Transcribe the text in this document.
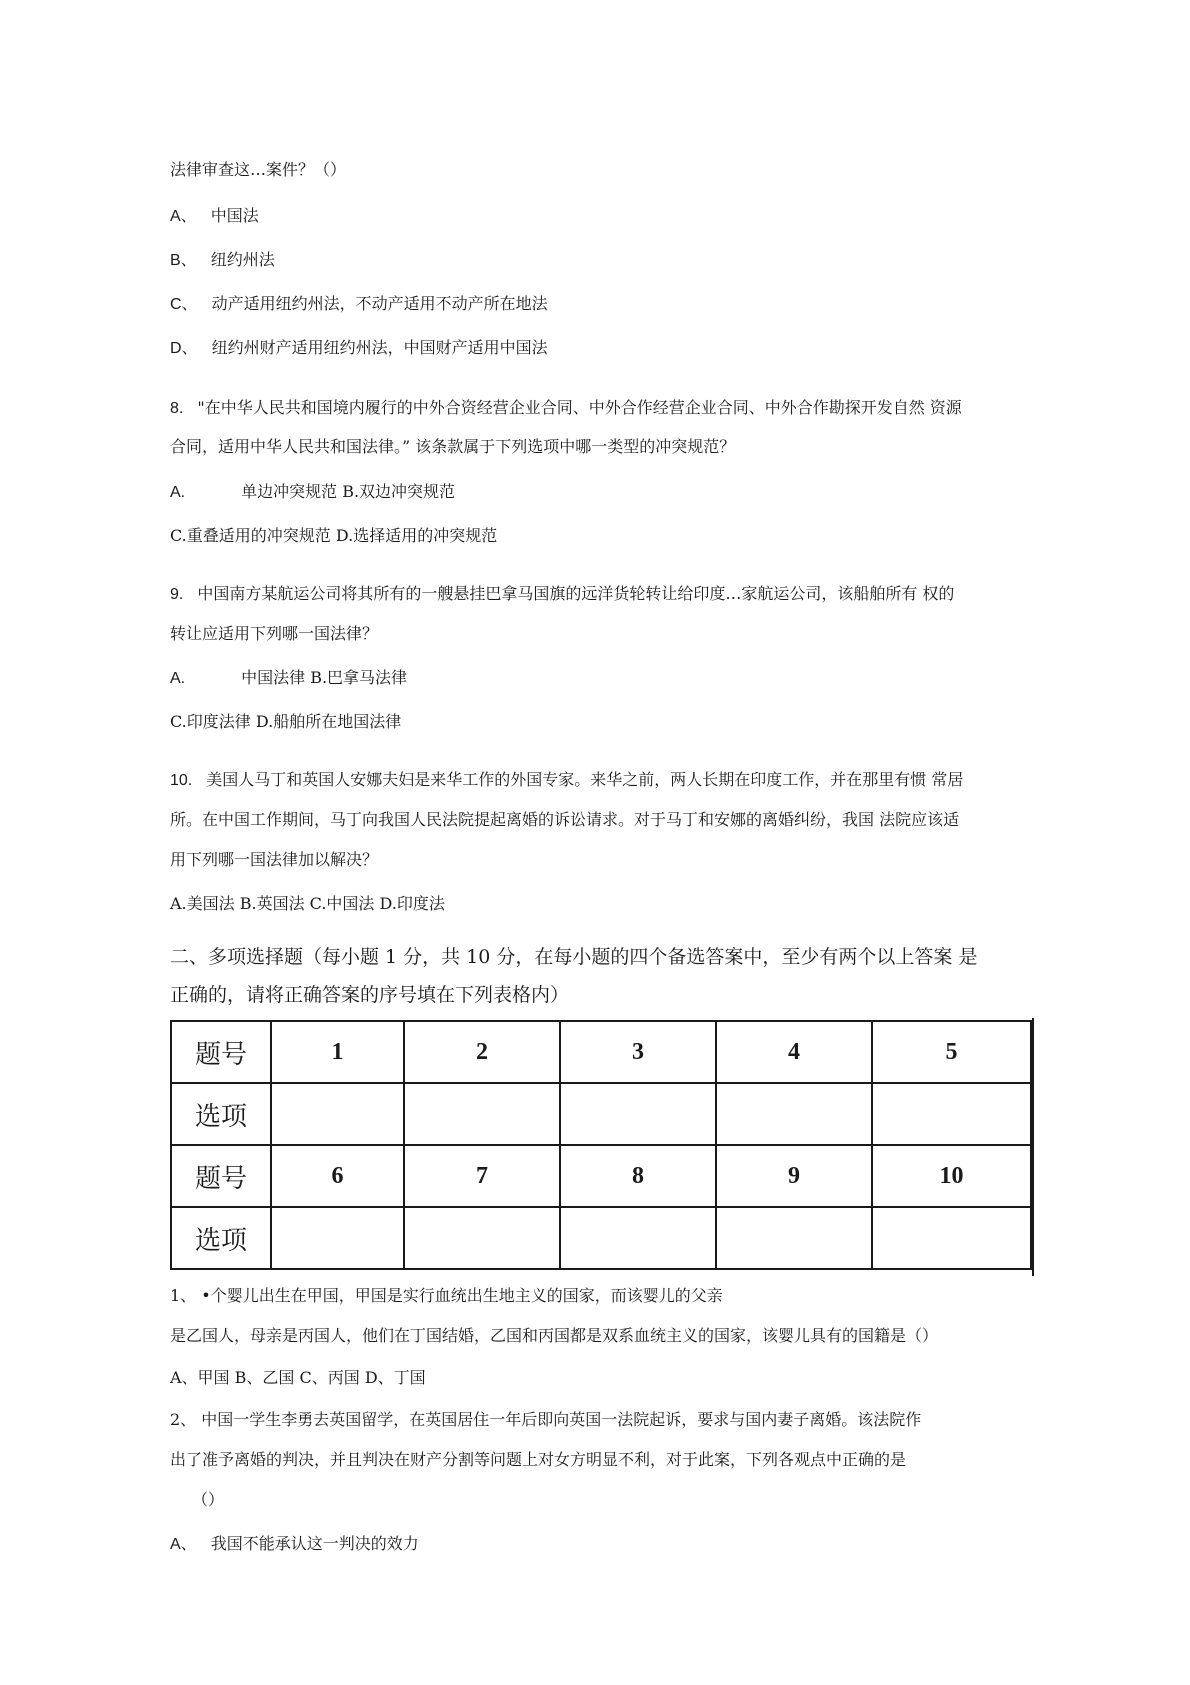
法律审查这…案件？（）
A、 中国法
B、 纽约州法
C、 动产适用纽约州法，不动产适用不动产所在地法
D、 纽约州财产适用纽约州法，中国财产适用中国法
8. "在中华人民共和国境内履行的中外合资经营企业合同、中外合作经营企业合同、中外合作勘探开发自然 资源
合同，适用中华人民共和国法律。” 该条款属于下列选项中哪一类型的冲突规范？
A.	单边冲突规范 B.双边冲突规范
C.重叠适用的冲突规范 D.选择适用的冲突规范
9. 中国南方某航运公司将其所有的一艘悬挂巴拿马国旗的远洋货轮转让给印度…家航运公司，该船舶所有 权的
转让应适用下列哪一国法律？
A.	中国法律 B.巴拿马法律
C.印度法律 D.船舶所在地国法律
10. 美国人马丁和英国人安娜夫妇是来华工作的外国专家。来华之前，两人长期在印度工作，并在那里有惯 常居
所。在中国工作期间，马丁向我国人民法院提起离婚的诉讼请求。对于马丁和安娜的离婚纠纷，我国 法院应该适
用下列哪一国法律加以解决？
A.美国法 B.英国法 C.中国法 D.印度法
二、多项选择题（每小题 1 分，共 10 分，在每小题的四个备选答案中，至少有两个以上答案 是
正确的，请将正确答案的序号填在下列表格内）
题号	1	2	3	4	5
选项					
题号	6	7	8	9	10
选项					
1、 •个婴儿出生在甲国，甲国是实行血统出生地主义的国家，而该婴儿的父亲
是乙国人，母亲是丙国人，他们在丁国结婚，乙国和丙国都是双系血统主义的国家，该婴儿具有的国籍是（）
A、甲国 B、乙国 C、丙国 D、丁国
2、 中国一学生李勇去英国留学，在英国居住一年后即向英国一法院起诉，要求与国内妻子离婚。该法院作
出了准予离婚的判决，并且判决在财产分割等问题上对女方明显不利，对于此案，下列各观点中正确的是
（）
A、 我国不能承认这一判决的效力
